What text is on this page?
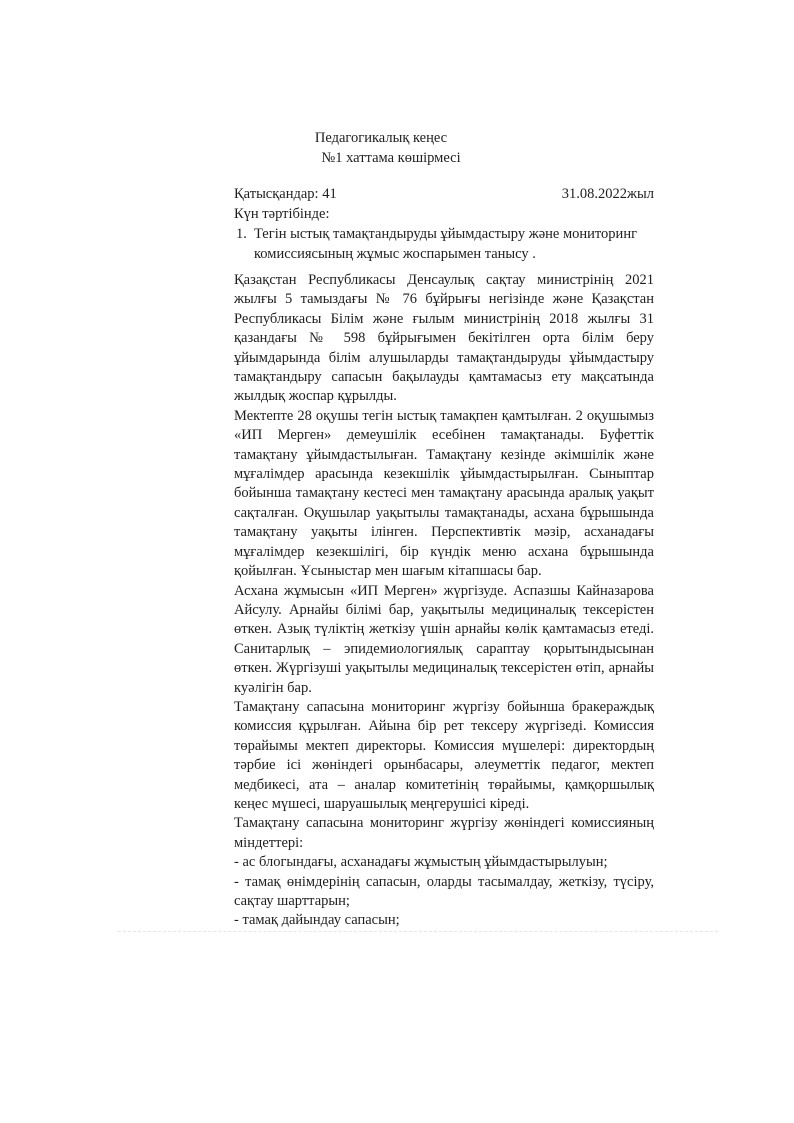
Педагогикалық кеңес
№1 хаттама көшірмесі
Қатысқандар: 41	31.08.2022жыл
Күн тәртібінде:
1. Тегін ыстық тамақтандыруды ұйымдастыру және мониторинг комиссиясының жұмыс жоспарымен танысу .

Қазақстан Республикасы Денсаулық сақтау министрінің 2021 жылғы 5 тамыздағы № 76 бұйрығы негізінде және Қазақстан Республикасы Білім және ғылым министрінің 2018 жылғы 31 қазандағы № 598 бұйрығымен бекітілген орта білім беру ұйымдарында білім алушыларды тамақтандыруды ұйымдастыру тамақтандыру сапасын бақылауды қамтамасыз ету мақсатында жылдық жоспар құрылды.

Мектепте 28 оқушы тегін ыстық тамақпен қамтылған. 2 оқушымыз «ИП Мерген» демеушілік есебінен тамақтанады. Буфеттік тамақтану ұйымдастылыған. Тамақтану кезінде әкімшілік және мұғалімдер арасында кезекшілік ұйымдастырылған. Сыныптар бойынша тамақтану кестесі мен тамақтану арасында аралық уақыт сақталған. Оқушылар уақытылы тамақтанады, асхана бұрышында тамақтану уақыты ілінген. Перспективтік мәзір, асханадағы мұғалімдер кезекшілігі, бір күндік меню асхана бұрышында қойылған. Ұсыныстар мен шағым кітапшасы бар.

Асхана жұмысын «ИП Мерген» жүргізуде. Аспазшы Кайназарова Айсулу. Арнайы білімі бар, уақытылы медициналық тексерістен өткен. Азық түліктің жеткізу үшін арнайы көлік қамтамасыз етеді. Санитарлық – эпидемиологиялық сараптау қорытындысынан өткен. Жүргізуші уақытылы медициналық тексерістен өтіп, арнайы куәлігін бар.

Тамақтану сапасына мониторинг жүргізу бойынша бракераждық комиссия құрылған. Айына бір рет тексеру жүргізеді. Комиссия төрайымы мектеп директоры. Комиссия мүшелері: директордың тәрбие ісі жөніндегі орынбасары, әлеуметтік педагог, мектеп медбикесі, ата – аналар комитетінің төрайымы, қамқоршылық кеңес мүшесі, шаруашылық меңгерушісі кіреді.

Тамақтану сапасына мониторинг жүргізу жөніндегі комиссияның міндеттері:

- ас блогындағы, асханадағы жұмыстың ұйымдастырылуын;

- тамақ өнімдерінің сапасын, оларды тасымалдау, жеткізу, түсіру, сақтау шарттарын;

- тамақ дайындау сапасын;
